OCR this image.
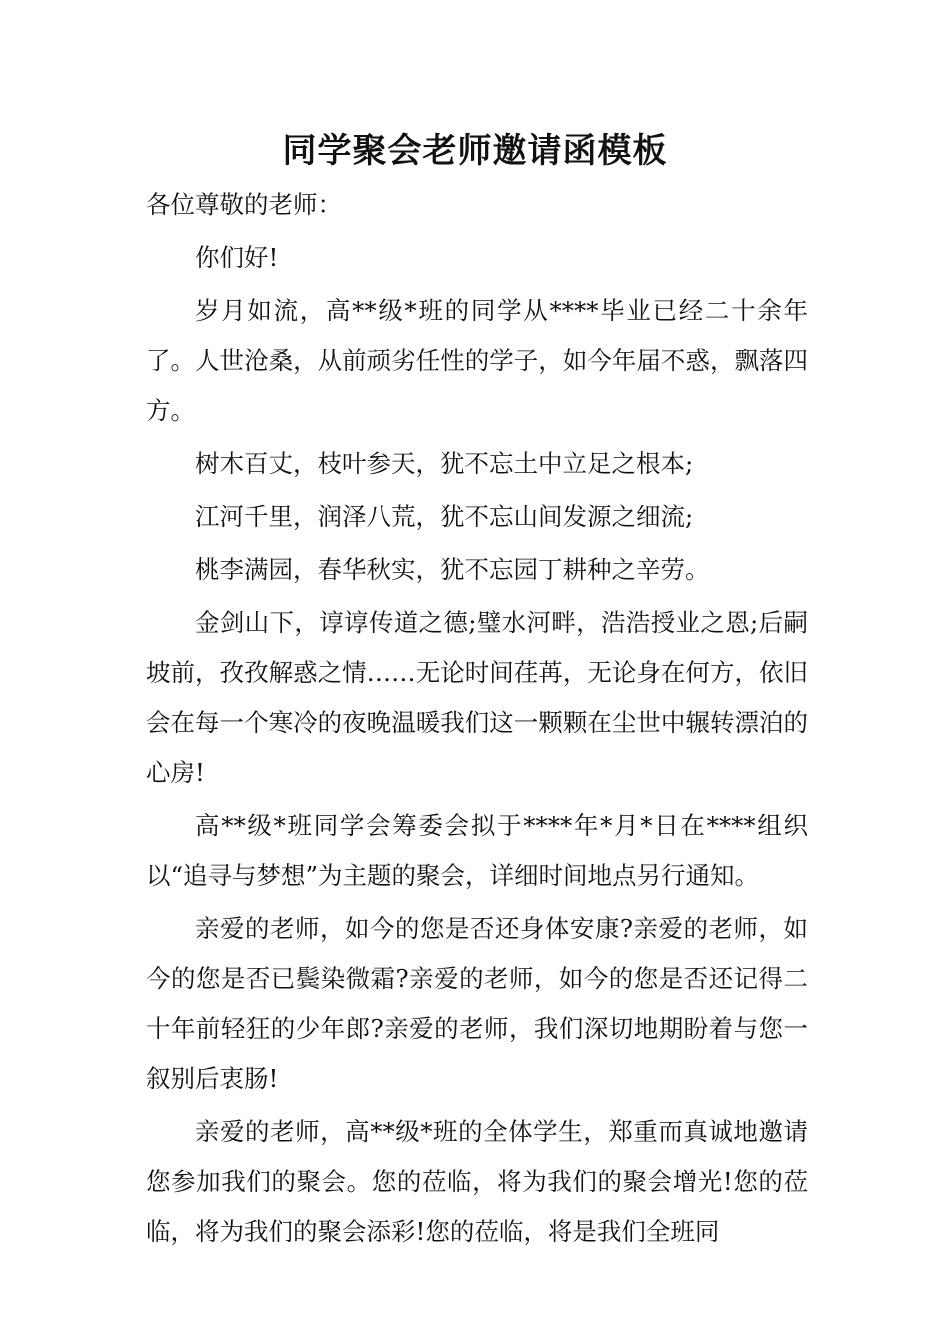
同学聚会老师邀请函模板

各位尊敬的老师：

你们好!

岁月如流，高**级*班的同学从****毕业已经二十余年了。人世沧桑，从前顽劣任性的学子，如今年届不惑，飘落四方。

树木百丈，枝叶参天，犹不忘土中立足之根本;

江河千里，润泽八荒，犹不忘山间发源之细流;

桃李满园，春华秋实，犹不忘园丁耕种之辛劳。

金剑山下，谆谆传道之德;璧水河畔，浩浩授业之恩;后嗣坡前，孜孜解惑之情……无论时间荏苒，无论身在何方，依旧会在每一个寒冷的夜晚温暖我们这一颗颗在尘世中辗转漂泊的心房!

高**级*班同学会筹委会拟于****年*月*日在****组织以“追寻与梦想”为主题的聚会，详细时间地点另行通知。

亲爱的老师，如今的您是否还身体安康?亲爱的老师，如今的您是否已鬓染微霜?亲爱的老师，如今的您是否还记得二十年前轻狂的少年郎?亲爱的老师，我们深切地期盼着与您一叙别后衷肠!

亲爱的老师，高**级*班的全体学生，郑重而真诚地邀请您参加我们的聚会。您的莅临，将为我们的聚会增光!您的莅临，将为我们的聚会添彩!您的莅临，将是我们全班同
